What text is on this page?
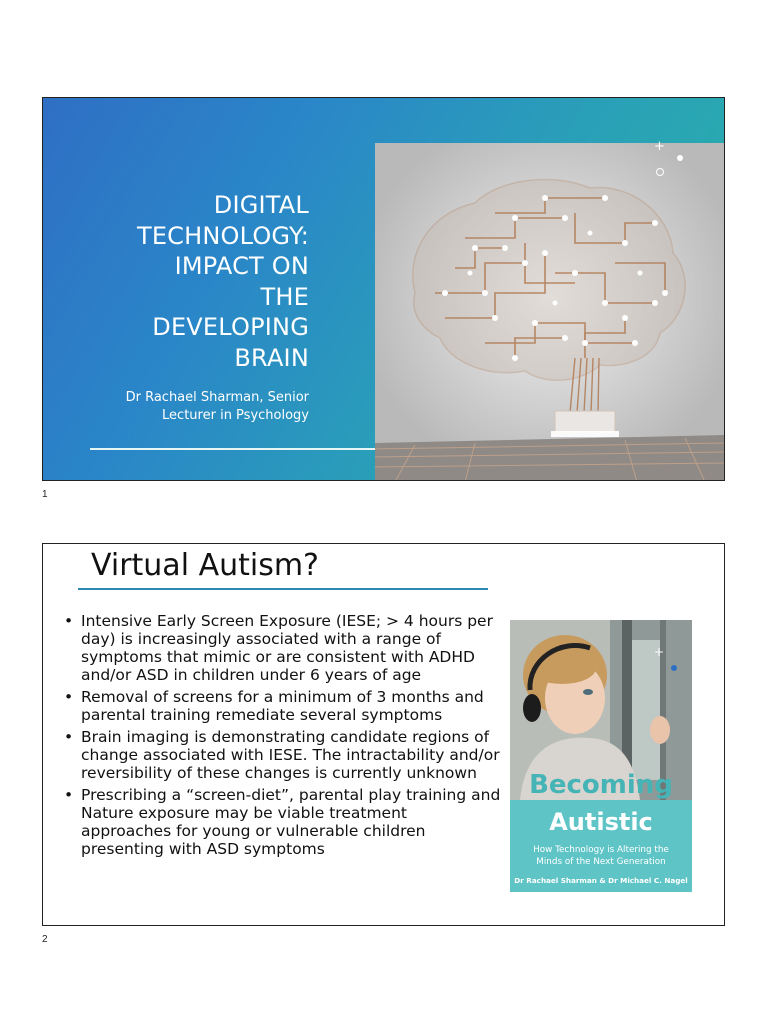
DIGITAL
TECHNOLOGY:
IMPACT ON
THE
DEVELOPING
BRAIN
Dr Rachael Sharman, Senior
Lecturer in Psychology
+
1
Virtual Autism?
• Intensive Early Screen Exposure (IESE; > 4 hours per day) is increasingly associated with a range of symptoms that mimic or are consistent with ADHD and/or ASD in children under 6 years of age
• Removal of screens for a minimum of 3 months and parental training remediate several symptoms
• Brain imaging is demonstrating candidate regions of change associated with IESE. The intractability and/or reversibility of these changes is currently unknown
• Prescribing a “screen-diet”, parental play training and Nature exposure may be viable treatment approaches for young or vulnerable children presenting with ASD symptoms
+
Becoming
Autistic
How Technology is Altering the
Minds of the Next Generation
Dr Rachael Sharman & Dr Michael C. Nagel
2
